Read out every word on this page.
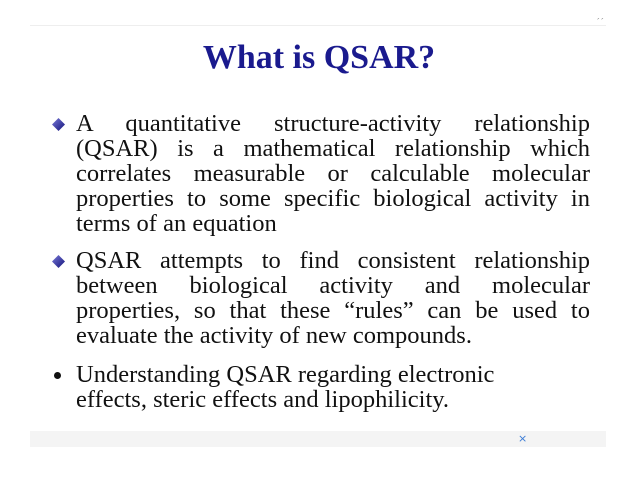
´´
What is QSAR?
A quantitative structure-activity relationship (QSAR) is a mathematical relationship which correlates measurable or calculable molecular properties to some specific biological activity in terms of an equation
QSAR attempts to find consistent relationship between biological activity and molecular properties, so that these “rules” can be used to evaluate the activity of new compounds.
Understanding QSAR regarding electronic effects, steric effects and lipophilicity.
×
